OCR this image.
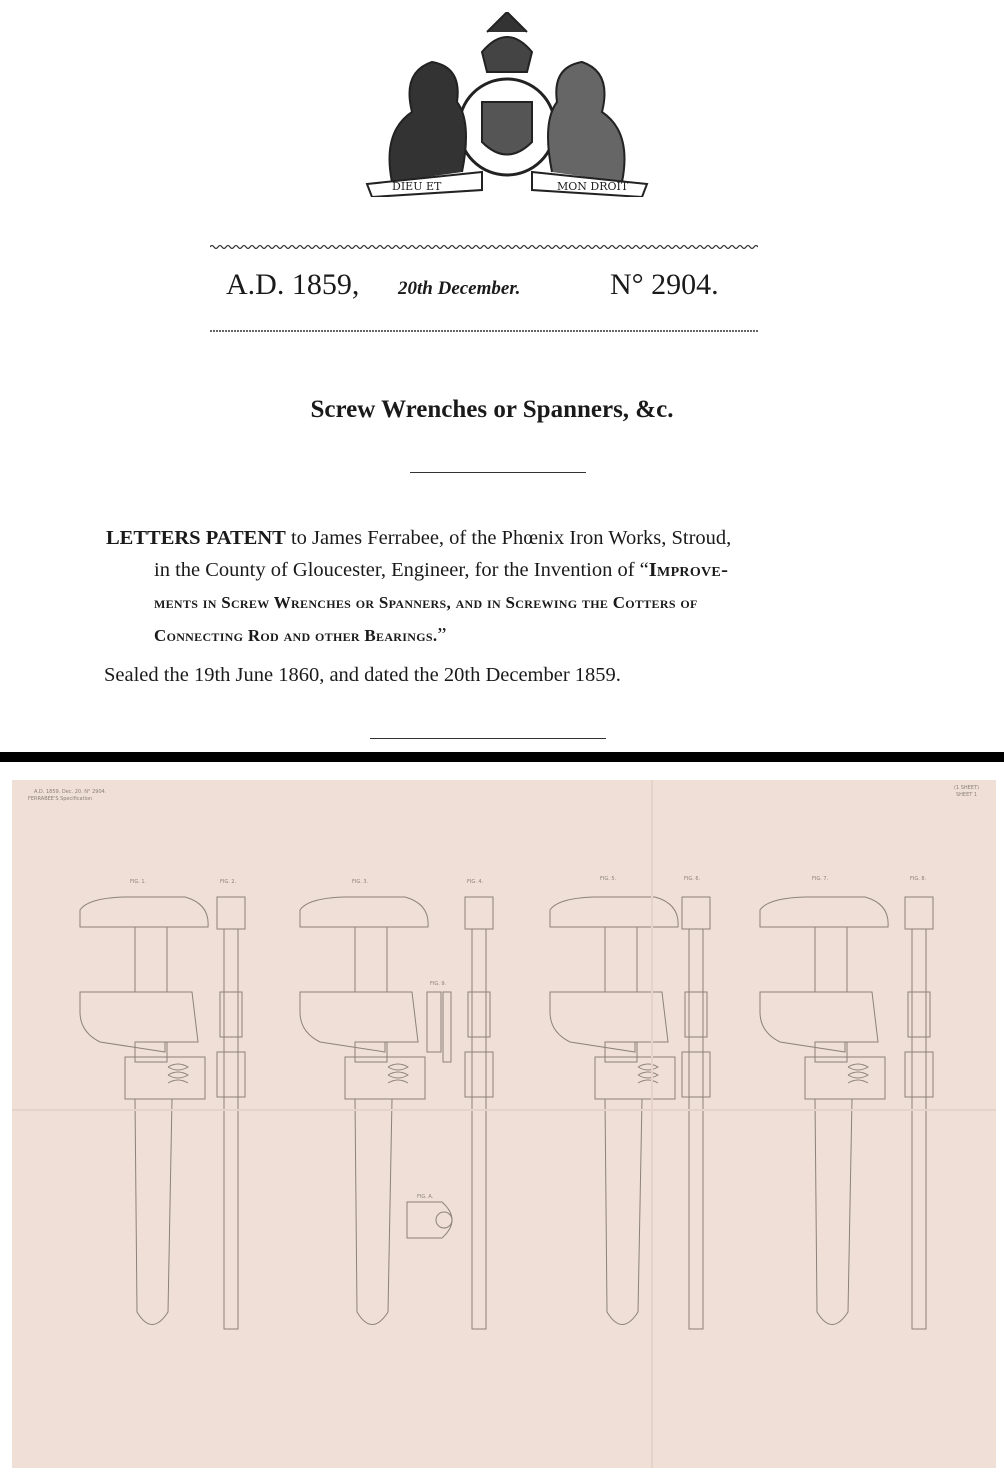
DIEU ET	MON DROIT
A.D. 1859, 20th December.	N° 2904.
Screw Wrenches or Spanners, &c.

LETTERS PATENT to James Ferrabee, of the Phœnix Iron Works, Stroud,

in the County of Gloucester, Engineer, for the Invention of “Improve-

ments in Screw Wrenches or Spanners, and in Screwing the Cotters of

Connecting Rod and other Bearings.”

Sealed the 19th June 1860, and dated the 20th December 1859.
A.D. 1859. Dec. 20. N° 2904.
FERRABEE'S Specification
(1 SHEET)
SHEET 1
FIG. 1.	FIG. 2.	FIG. 3.	FIG. 4.	FIG. 5.	FIG. 6.	FIG. 7.	FIG. 8.
FIG. 9.
FIG. A.
